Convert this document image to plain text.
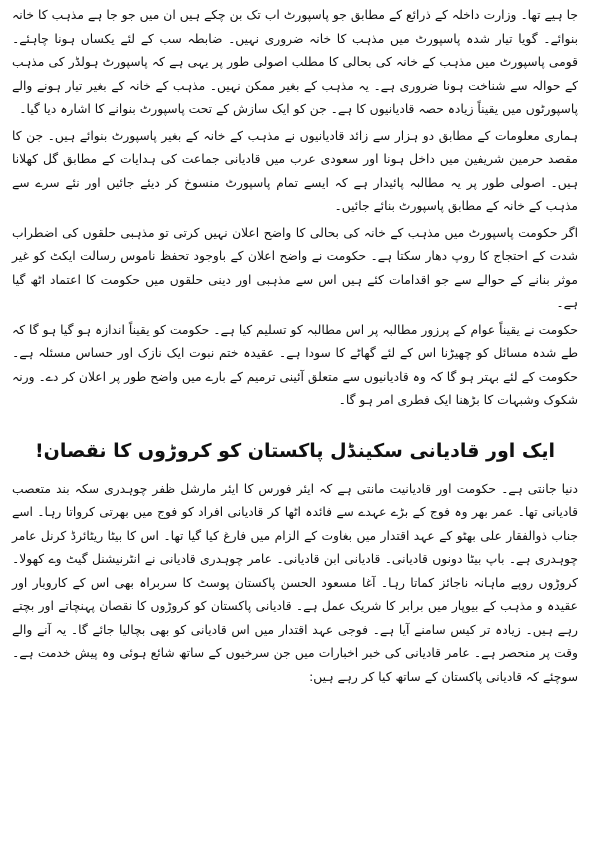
جا ہیے تھا۔ وزارت داخلہ کے ذرائع کے مطابق جو پاسپورٹ اب تک بن چکے ہیں ان میں جو جا ہے مذہب کا خانہ بنوائے۔ گویا تیار شدہ پاسپورٹ میں مذہب کا خانہ ضروری نہیں۔ ضابطہ سب کے لئے یکساں ہونا چاہئے۔ قومی پاسپورٹ میں مذہب کے خانہ کی بحالی کا مطلب اصولی طور پر یہی ہے کہ پاسپورٹ ہولڈر کی مذہب کے حوالہ سے شناخت ہونا ضروری ہے۔ یہ مذہب کے بغیر ممکن نہیں۔ مذہب کے خانہ کے بغیر تیار ہونے والے پاسپورٹوں میں یقیناً زیادہ حصہ قادیانیوں کا ہے۔ جن کو ایک سازش کے تحت پاسپورٹ بنوانے کا اشارہ دیا گیا۔

ہماری معلومات کے مطابق دو ہزار سے زائد قادیانیوں نے مذہب کے خانہ کے بغیر پاسپورٹ بنوائے ہیں۔ جن کا مقصد حرمین شریفین میں داخل ہونا اور سعودی عرب میں قادیانی جماعت کی ہدایات کے مطابق گل کھلانا ہیں۔ اصولی طور پر یہ مطالبہ پائیدار ہے کہ ایسے تمام پاسپورٹ منسوخ کر دیئے جائیں اور نئے سرے سے مذہب کے خانہ کے مطابق پاسپورٹ بنائے جائیں۔

اگر حکومت پاسپورٹ میں مذہب کے خانہ کی بحالی کا واضح اعلان نہیں کرتی تو مذہبی حلقوں کی اضطراب شدت کے احتجاج کا روپ دھار سکتا ہے۔ حکومت نے واضح اعلان کے باوجود تحفظ ناموس رسالت ایکٹ کو غیر موثر بنانے کے حوالے سے جو اقدامات کئے ہیں اس سے مذہبی اور دینی حلقوں میں حکومت کا اعتماد اٹھ گیا ہے۔

حکومت نے یقیناً عوام کے پرزور مطالبہ پر اس مطالبہ کو تسلیم کیا ہے۔ حکومت کو یقیناً اندازہ ہو گیا ہو گا کہ طے شدہ مسائل کو چھیڑنا اس کے لئے گھاٹے کا سودا ہے۔ عقیدہ ختم نبوت ایک نازک اور حساس مسئلہ ہے۔ حکومت کے لئے بہتر ہو گا کہ وہ قادیانیوں سے متعلق آئینی ترمیم کے بارے میں واضح طور پر اعلان کر دے۔ ورنہ شکوک وشبہات کا بڑھنا ایک فطری امر ہو گا۔

ایک اور قادیانی سکینڈل پاکستان کو کروڑوں کا نقصان!

دنیا جانتی ہے۔ حکومت اور قادیانیت مانتی ہے کہ ایئر فورس کا ایئر مارشل ظفر چوہدری سکہ بند متعصب قادیانی تھا۔ عمر بھر وہ فوج کے بڑے عہدے سے فائدہ اٹھا کر قادیانی افراد کو فوج میں بھرتی کرواتا رہا۔ اسے جناب ذوالفقار علی بھٹو کے عہد اقتدار میں بغاوت کے الزام میں فارغ کیا گیا تھا۔ اس کا بیٹا ریٹائرڈ کرنل عامر چوہدری ہے۔ باپ بیٹا دونوں قادیانی۔ قادیانی ابن قادیانی۔ عامر چوہدری قادیانی نے انٹرنیشنل گیٹ وے کھولا۔ کروڑوں روپے ماہانہ ناجائز کماتا رہا۔ آغا مسعود الحسن پاکستان پوسٹ کا سربراہ بھی اس کے کاروبار اور عقیدہ و مذہب کے بیوپار میں برابر کا شریک عمل ہے۔ قادیانی پاکستان کو کروڑوں کا نقصان پہنچاتے اور بچتے رہے ہیں۔ زیادہ تر کیس سامنے آیا ہے۔ فوجی عہد اقتدار میں اس قادیانی کو بھی بچالیا جائے گا۔ یہ آنے والے وقت پر منحصر ہے۔ عامر قادیانی کی خبر اخبارات میں جن سرخیوں کے ساتھ شائع ہوئی وہ پیش خدمت ہے۔ سوچئے کہ قادیانی پاکستان کے ساتھ کیا کر رہے ہیں:
